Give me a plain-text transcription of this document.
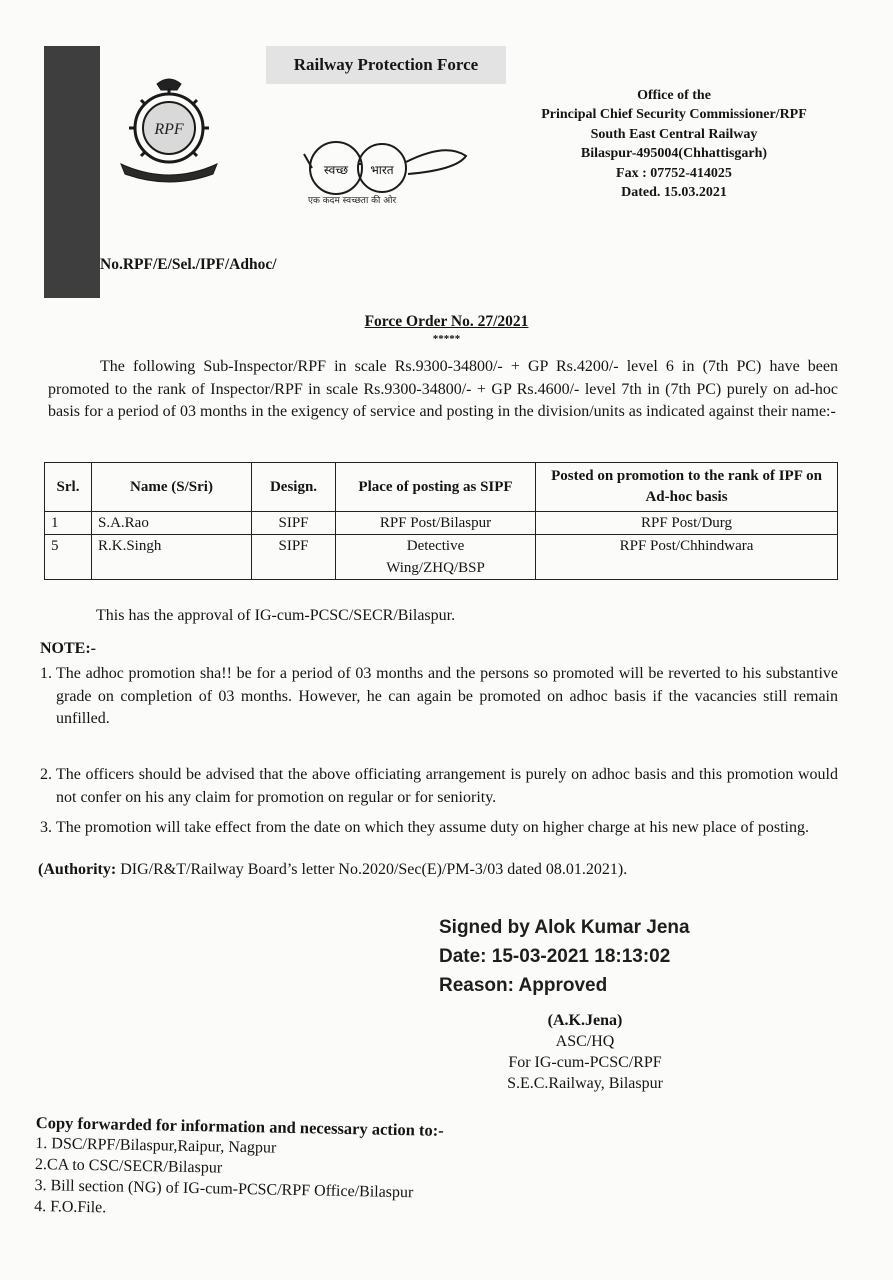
RPF
स्वच्छ भारत
एक कदम स्वच्छता की ओर
Railway Protection Force
Office of the
Principal Chief Security Commissioner/RPF
South East Central Railway
Bilaspur-495004(Chhattisgarh)
Fax : 07752-414025
Dated. 15.03.2021
No.RPF/E/Sel./IPF/Adhoc/
Force Order No. 27/2021
*****
The following Sub-Inspector/RPF in scale Rs.9300-34800/- + GP Rs.4200/- level 6 in (7th PC) have been promoted to the rank of Inspector/RPF in scale Rs.9300-34800/- + GP Rs.4600/- level 7th in (7th PC) purely on ad-hoc basis for a period of 03 months in the exigency of service and posting in the division/units as indicated against their name:-
Srl.	Name (S/Sri)	Design.	Place of posting as SIPF	Posted on promotion to the rank of IPF on Ad-hoc basis
1	S.A.Rao	SIPF	RPF Post/Bilaspur	RPF Post/Durg
5	R.K.Singh	SIPF	Detective Wing/ZHQ/BSP	RPF Post/Chhindwara
This has the approval of IG-cum-PCSC/SECR/Bilaspur.
NOTE:-
1. The adhoc promotion sha!! be for a period of 03 months and the persons so promoted will be reverted to his substantive grade on completion of 03 months. However, he can again be promoted on adhoc basis if the vacancies still remain unfilled.
2. The officers should be advised that the above officiating arrangement is purely on adhoc basis and this promotion would not confer on his any claim for promotion on regular or for seniority.
3. The promotion will take effect from the date on which they assume duty on higher charge at his new place of posting.
(Authority: DIG/R&T/Railway Board’s letter No.2020/Sec(E)/PM-3/03 dated 08.01.2021).
Signed by Alok Kumar Jena
Date: 15-03-2021 18:13:02
Reason: Approved
(A.K.Jena)
ASC/HQ
For IG-cum-PCSC/RPF
S.E.C.Railway, Bilaspur
Copy forwarded for information and necessary action to:-
1. DSC/RPF/Bilaspur,Raipur, Nagpur
2.CA to CSC/SECR/Bilaspur
3. Bill section (NG) of IG-cum-PCSC/RPF Office/Bilaspur
4. F.O.File.
